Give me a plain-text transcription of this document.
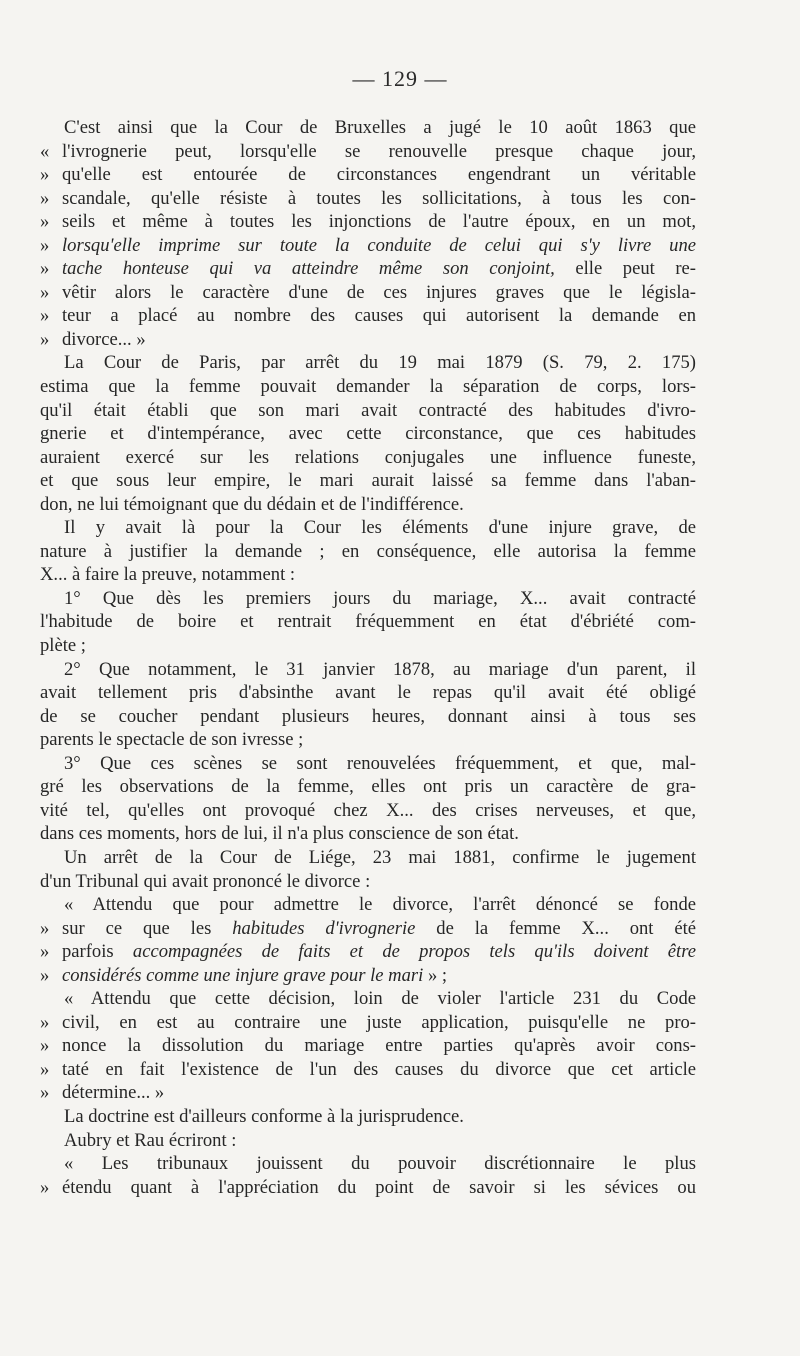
— 129 —
C'est ainsi que la Cour de Bruxelles a jugé le 10 août 1863 que
« l'ivrognerie peut, lorsqu'elle se renouvelle presque chaque jour,
» qu'elle est entourée de circonstances engendrant un véritable
» scandale, qu'elle résiste à toutes les sollicitations, à tous les con-
» seils et même à toutes les injonctions de l'autre époux, en un mot,
» lorsqu'elle imprime sur toute la conduite de celui qui s'y livre une
» tache honteuse qui va atteindre même son conjoint, elle peut re-
» vêtir alors le caractère d'une de ces injures graves que le législa-
» teur a placé au nombre des causes qui autorisent la demande en
» divorce... »
La Cour de Paris, par arrêt du 19 mai 1879 (S. 79, 2. 175)
estima que la femme pouvait demander la séparation de corps, lors-
qu'il était établi que son mari avait contracté des habitudes d'ivro-
gnerie et d'intempérance, avec cette circonstance, que ces habitudes
auraient exercé sur les relations conjugales une influence funeste,
et que sous leur empire, le mari aurait laissé sa femme dans l'aban-
don, ne lui témoignant que du dédain et de l'indifférence.
Il y avait là pour la Cour les éléments d'une injure grave, de
nature à justifier la demande ; en conséquence, elle autorisa la femme
X... à faire la preuve, notamment :
1° Que dès les premiers jours du mariage, X... avait contracté
l'habitude de boire et rentrait fréquemment en état d'ébriété com-
plète ;
2° Que notamment, le 31 janvier 1878, au mariage d'un parent, il
avait tellement pris d'absinthe avant le repas qu'il avait été obligé
de se coucher pendant plusieurs heures, donnant ainsi à tous ses
parents le spectacle de son ivresse ;
3° Que ces scènes se sont renouvelées fréquemment, et que, mal-
gré les observations de la femme, elles ont pris un caractère de gra-
vité tel, qu'elles ont provoqué chez X... des crises nerveuses, et que,
dans ces moments, hors de lui, il n'a plus conscience de son état.
Un arrêt de la Cour de Liége, 23 mai 1881, confirme le jugement
d'un Tribunal qui avait prononcé le divorce :
« Attendu que pour admettre le divorce, l'arrêt dénoncé se fonde
» sur ce que les habitudes d'ivrognerie de la femme X... ont été
» parfois accompagnées de faits et de propos tels qu'ils doivent être
» considérés comme une injure grave pour le mari » ;
« Attendu que cette décision, loin de violer l'article 231 du Code
» civil, en est au contraire une juste application, puisqu'elle ne pro-
» nonce la dissolution du mariage entre parties qu'après avoir cons-
» taté en fait l'existence de l'un des causes du divorce que cet article
» détermine... »
La doctrine est d'ailleurs conforme à la jurisprudence.
Aubry et Rau écriront :
« Les tribunaux jouissent du pouvoir discrétionnaire le plus
» étendu quant à l'appréciation du point de savoir si les sévices ou
